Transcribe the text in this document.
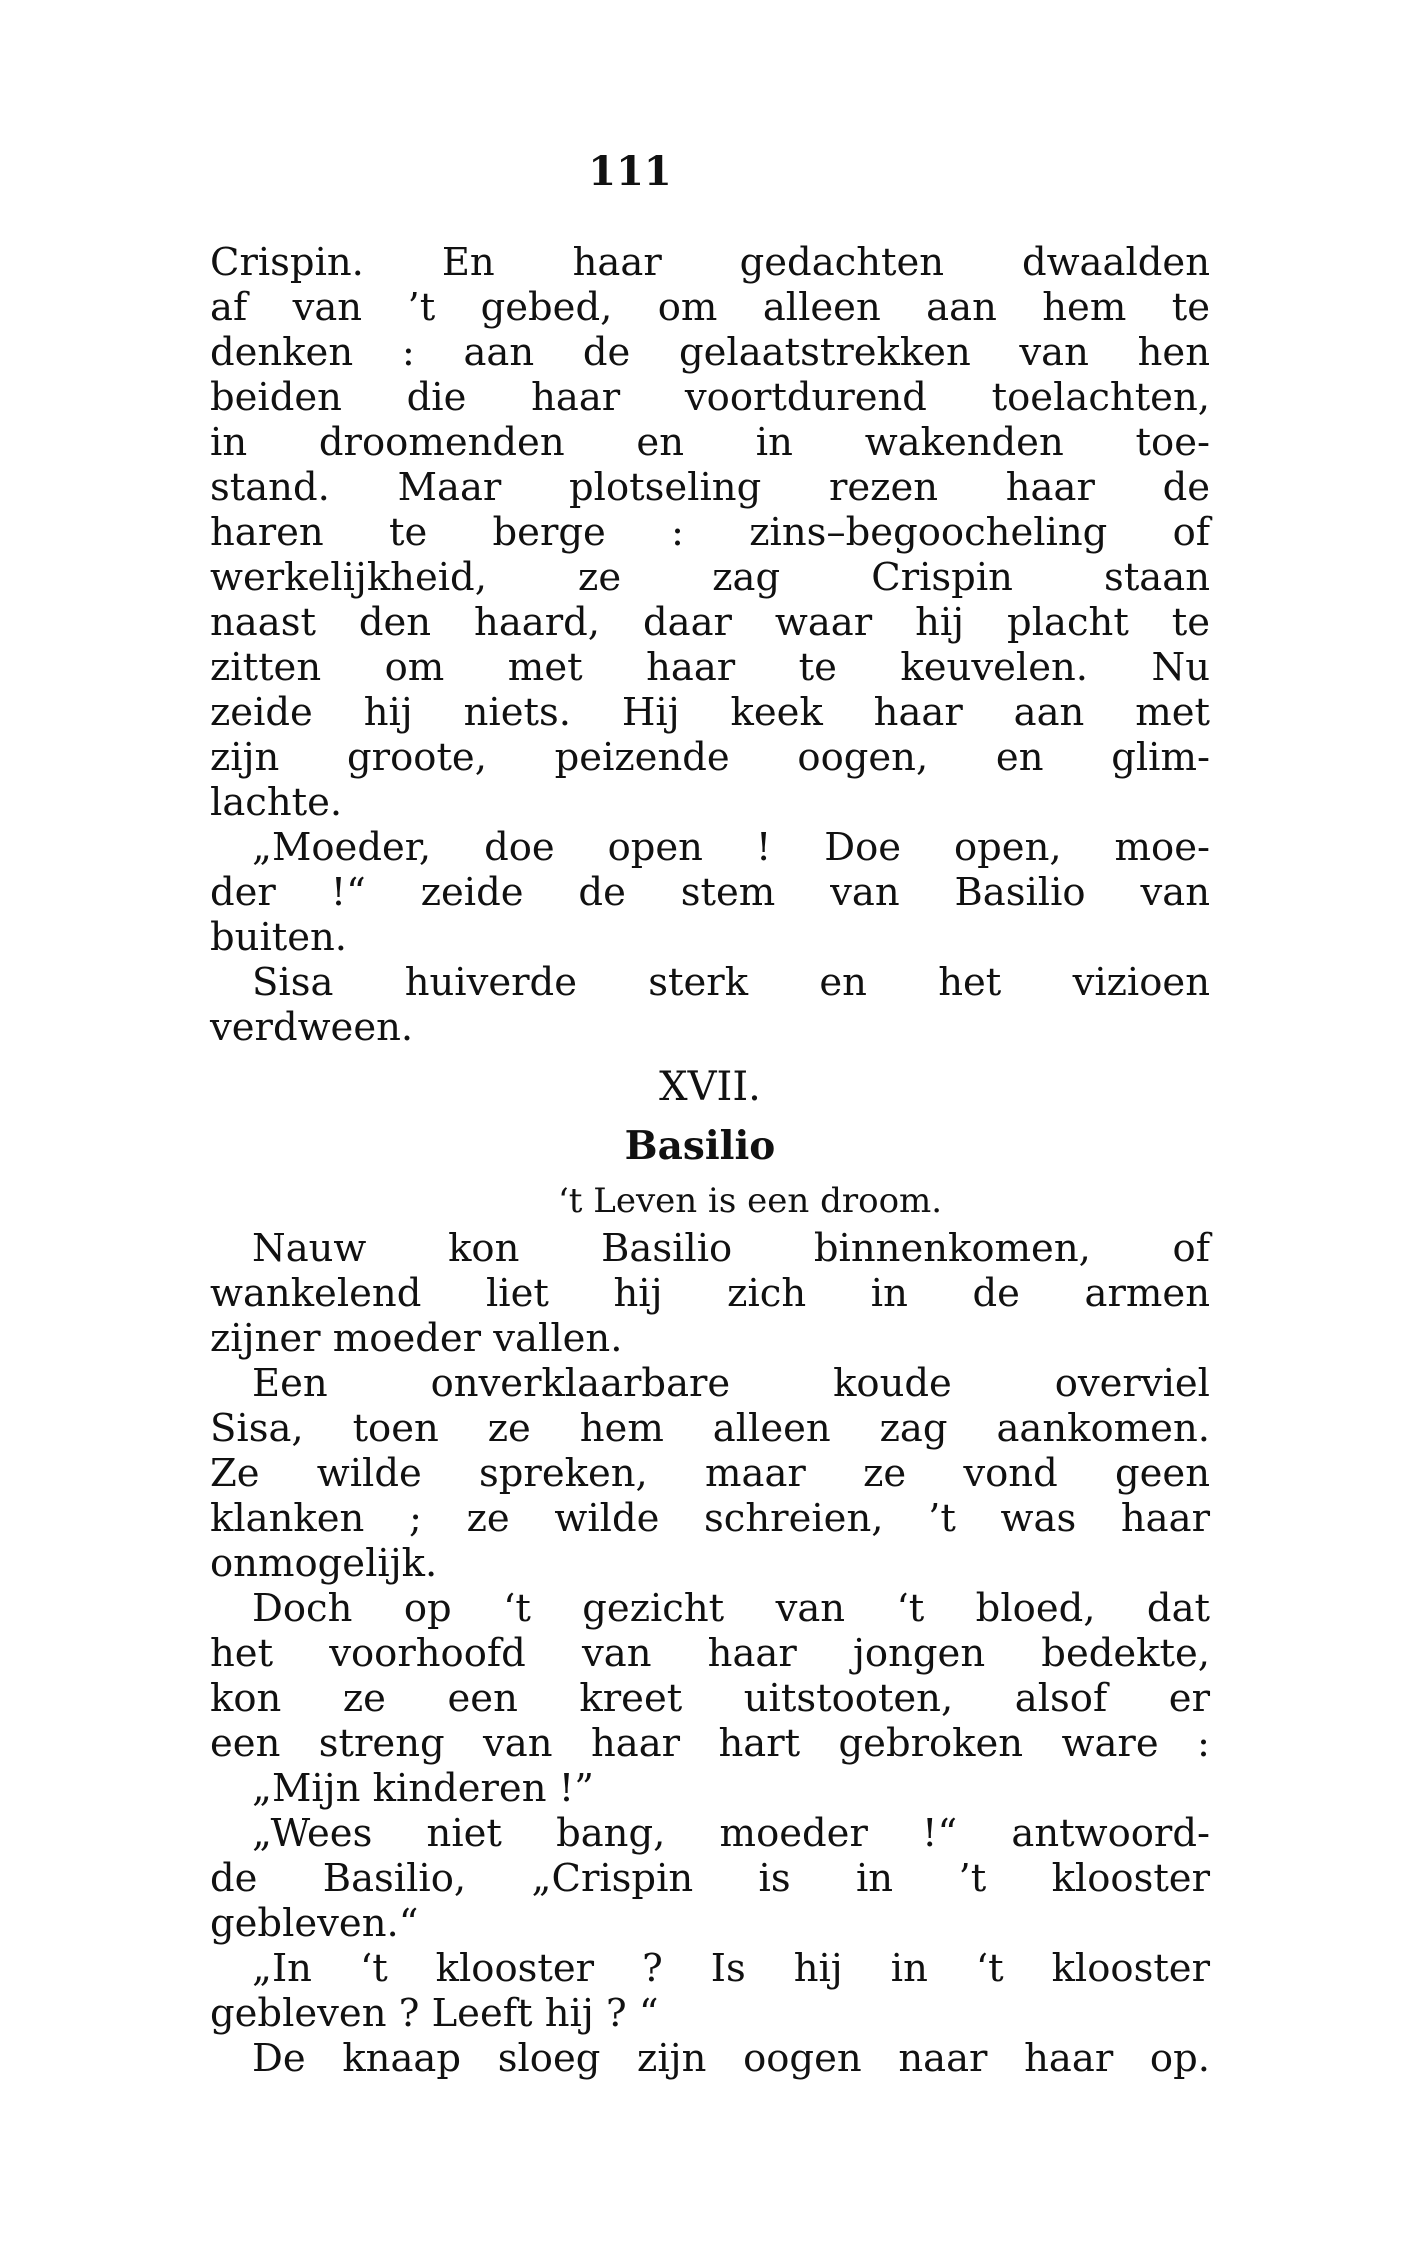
111
Crispin. En haar gedachten dwaalden
af van ’t gebed, om alleen aan hem te
denken : aan de gelaatstrekken van hen
beiden die haar voortdurend toelachten,
in droomenden en in wakenden toe-
stand. Maar plotseling rezen haar de
haren te berge : zins–begoocheling of
werkelijkheid, ze zag Crispin staan
naast den haard, daar waar hij placht te
zitten om met haar te keuvelen. Nu
zeide hij niets. Hij keek haar aan met
zijn groote, peizende oogen, en glim-
lachte.
„Moeder, doe open ! Doe open, moe-
der !“ zeide de stem van Basilio van
buiten.
Sisa huiverde sterk en het vizioen
verdween.
XVII.
Basilio
‘t Leven is een droom.
Nauw kon Basilio binnenkomen, of
wankelend liet hij zich in de armen
zijner moeder vallen.
Een onverklaarbare koude overviel
Sisa, toen ze hem alleen zag aankomen.
Ze wilde spreken, maar ze vond geen
klanken ; ze wilde schreien, ’t was haar
onmogelijk.
Doch op ‘t gezicht van ‘t bloed, dat
het voorhoofd van haar jongen bedekte,
kon ze een kreet uitstooten, alsof er
een streng van haar hart gebroken ware :
„Mijn kinderen !”
„Wees niet bang, moeder !“ antwoord-
de Basilio, „Crispin is in ’t klooster
gebleven.“
„In ‘t klooster ? Is hij in ‘t klooster
gebleven ? Leeft hij ? “
De knaap sloeg zijn oogen naar haar op.
